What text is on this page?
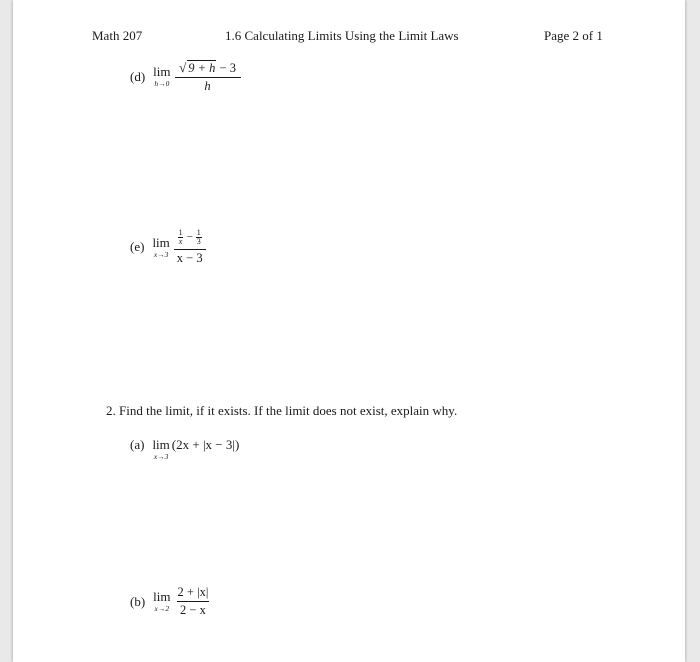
Math 207	1.6 Calculating Limits Using the Limit Laws	Page 2 of 1
(d) lim
$h\to 0 \frac{√ 9 + h - 3}{h}$
(e) lim
x→3
$\frac{1}{x} - \frac{1}{3}$
x − 3
2. Find the limit, if it exists. If the limit does not exist, explain why.
(a) lim
x→3
(2x + |x − 3|)
(b) lim
$x\to 2 \frac{2 + |x|}{2 - x}$
